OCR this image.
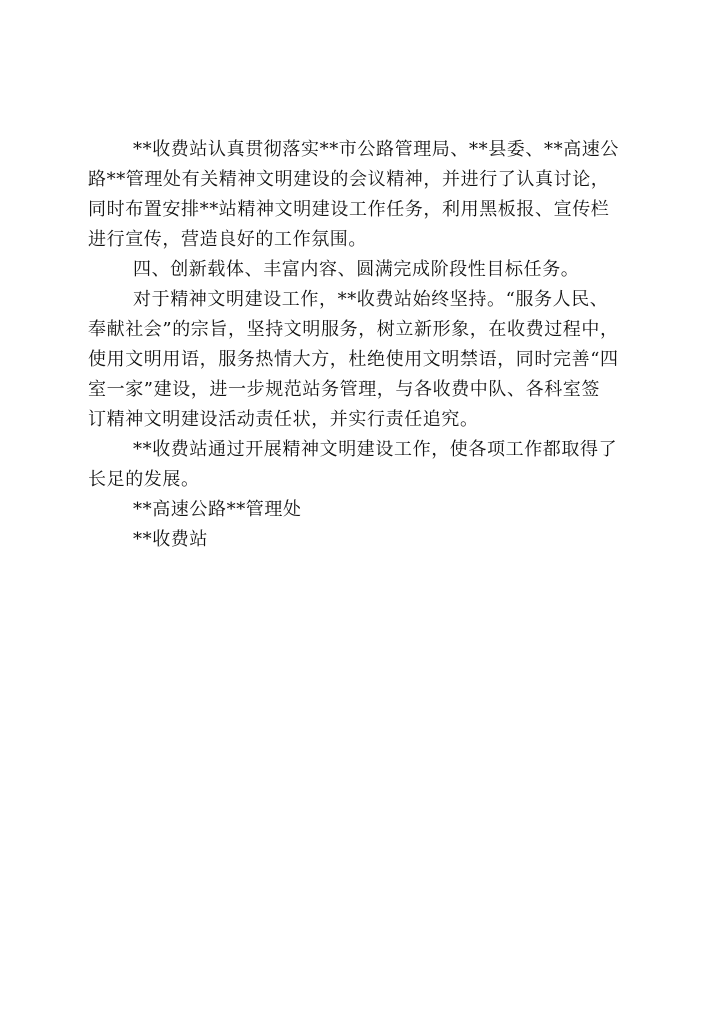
**收费站认真贯彻落实**市公路管理局、**县委、**高速公
路**管理处有关精神文明建设的会议精神，并进行了认真讨论，
同时布置安排**站精神文明建设工作任务，利用黑板报、宣传栏
进行宣传，营造良好的工作氛围。
四、创新载体、丰富内容、圆满完成阶段性目标任务。
对于精神文明建设工作，**收费站始终坚持。“服务人民、
奉献社会”的宗旨，坚持文明服务，树立新形象，在收费过程中，
使用文明用语，服务热情大方，杜绝使用文明禁语，同时完善“四
室一家”建设，进一步规范站务管理，与各收费中队、各科室签
订精神文明建设活动责任状，并实行责任追究。
**收费站通过开展精神文明建设工作，使各项工作都取得了
长足的发展。
**高速公路**管理处
**收费站
